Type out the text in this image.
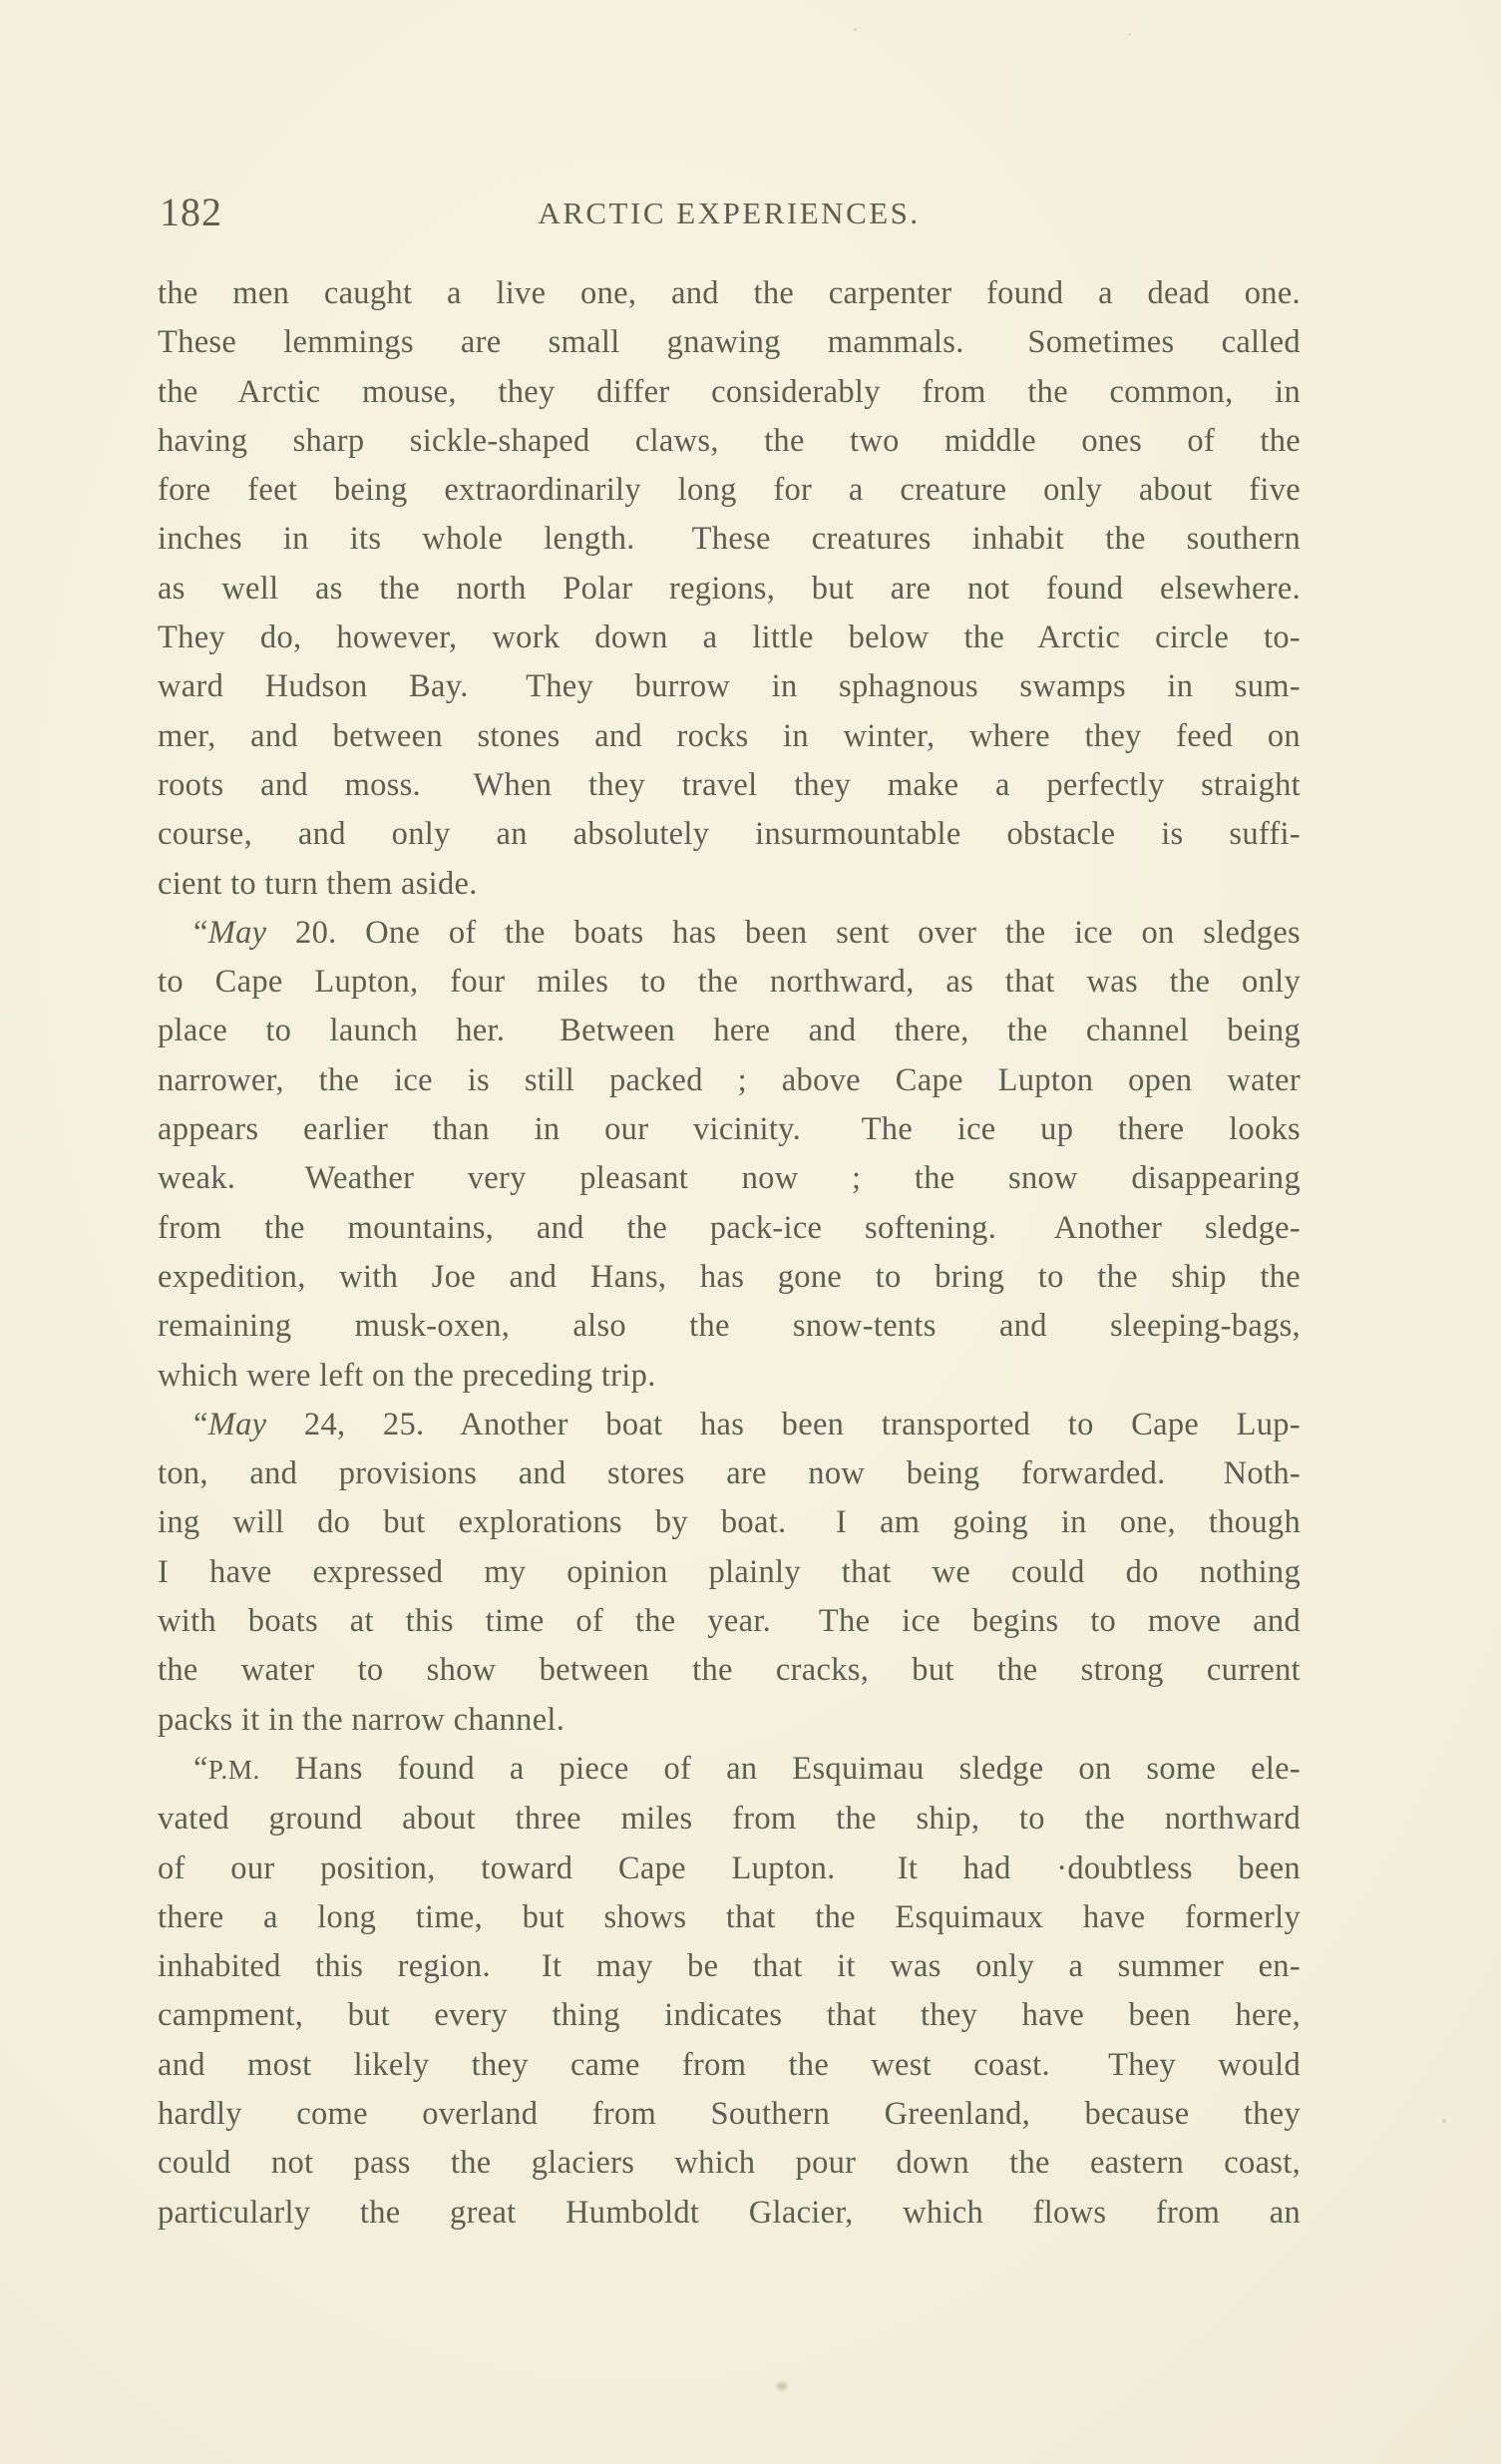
182	ARCTIC EXPERIENCES.
the men caught a live one, and the carpenter found a dead one.
These lemmings are small gnawing mammals.  Sometimes called
the Arctic mouse, they differ considerably from the common, in
having sharp sickle-shaped claws, the two middle ones of the
fore feet being extraordinarily long for a creature only about five
inches in its whole length.  These creatures inhabit the southern
as well as the north Polar regions, but are not found elsewhere.
They do, however, work down a little below the Arctic circle to-
ward Hudson Bay.  They burrow in sphagnous swamps in sum-
mer, and between stones and rocks in winter, where they feed on
roots and moss.  When they travel they make a perfectly straight
course, and only an absolutely insurmountable obstacle is suffi-
cient to turn them aside.
“May 20. One of the boats has been sent over the ice on sledges
to Cape Lupton, four miles to the northward, as that was the only
place to launch her.  Between here and there, the channel being
narrower, the ice is still packed ; above Cape Lupton open water
appears earlier than in our vicinity.  The ice up there looks
weak.  Weather very pleasant now ; the snow disappearing
from the mountains, and the pack-ice softening.  Another sledge-
expedition, with Joe and Hans, has gone to bring to the ship the
remaining musk-oxen, also the snow-tents and sleeping-bags,
which were left on the preceding trip.
“May 24, 25. Another boat has been transported to Cape Lup-
ton, and provisions and stores are now being forwarded.  Noth-
ing will do but explorations by boat.  I am going in one, though
I have expressed my opinion plainly that we could do nothing
with boats at this time of the year.  The ice begins to move and
the water to show between the cracks, but the strong current
packs it in the narrow channel.
“P.M. Hans found a piece of an Esquimau sledge on some ele-
vated ground about three miles from the ship, to the northward
of our position, toward Cape Lupton.  It had ·doubtless been
there a long time, but shows that the Esquimaux have formerly
inhabited this region.  It may be that it was only a summer en-
campment, but every thing indicates that they have been here,
and most likely they came from the west coast.  They would
hardly come overland from Southern Greenland, because they
could not pass the glaciers which pour down the eastern coast,
particularly the great Humboldt Glacier, which flows from an
